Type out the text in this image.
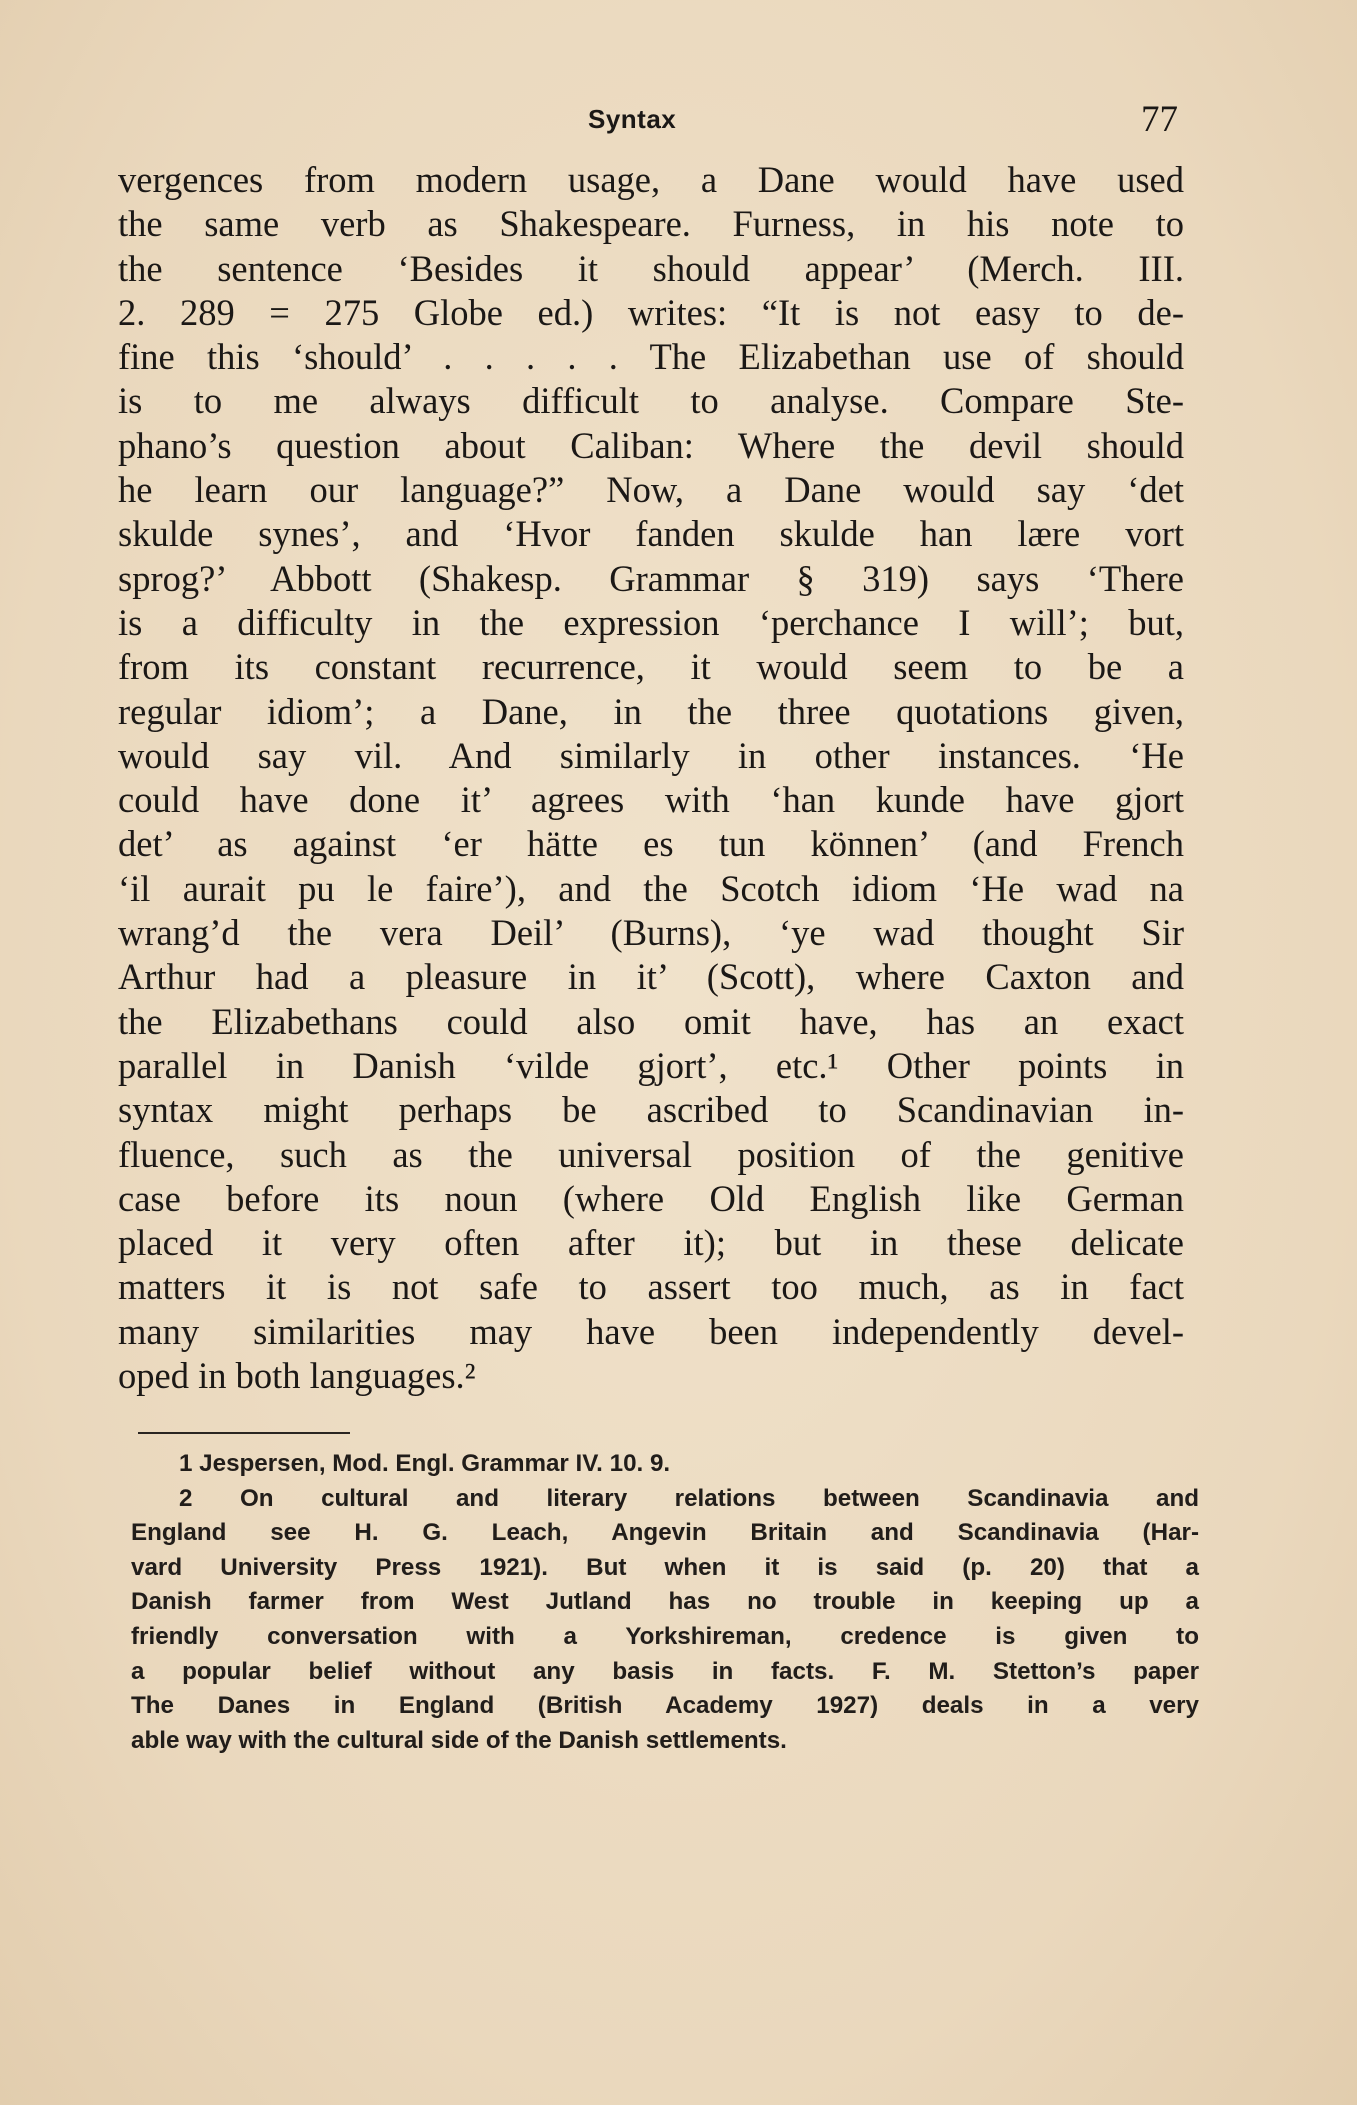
Syntax	77
vergences from modern usage, a Dane would have used
the same verb as Shakespeare. Furness, in his note to
the sentence ‘Besides it should appear’ (Merch. III.
2. 289 = 275 Globe ed.) writes: “It is not easy to de-
fine this ‘should’ . . . . . The Elizabethan use of should
is to me always difficult to analyse. Compare Ste-
phano’s question about Caliban: Where the devil should
he learn our language?” Now, a Dane would say ‘det
skulde synes’, and ‘Hvor fanden skulde han lære vort
sprog?’ Abbott (Shakesp. Grammar § 319) says ‘There
is a difficulty in the expression ‘perchance I will’; but,
from its constant recurrence, it would seem to be a
regular idiom’; a Dane, in the three quotations given,
would say vil. And similarly in other instances. ‘He
could have done it’ agrees with ‘han kunde have gjort
det’ as against ‘er hätte es tun können’ (and French
‘il aurait pu le faire’), and the Scotch idiom ‘He wad na
wrang’d the vera Deil’ (Burns), ‘ye wad thought Sir
Arthur had a pleasure in it’ (Scott), where Caxton and
the Elizabethans could also omit have, has an exact
parallel in Danish ‘vilde gjort’, etc.¹ Other points in
syntax might perhaps be ascribed to Scandinavian in-
fluence, such as the universal position of the genitive
case before its noun (where Old English like German
placed it very often after it); but in these delicate
matters it is not safe to assert too much, as in fact
many similarities may have been independently devel-
oped in both languages.²
1 Jespersen, Mod. Engl. Grammar IV. 10. 9.
2 On cultural and literary relations between Scandinavia and
England see H. G. Leach, Angevin Britain and Scandinavia (Har-
vard University Press 1921). But when it is said (p. 20) that a
Danish farmer from West Jutland has no trouble in keeping up a
friendly conversation with a Yorkshireman, credence is given to
a popular belief without any basis in facts. F. M. Stetton’s paper
The Danes in England (British Academy 1927) deals in a very
able way with the cultural side of the Danish settlements.
